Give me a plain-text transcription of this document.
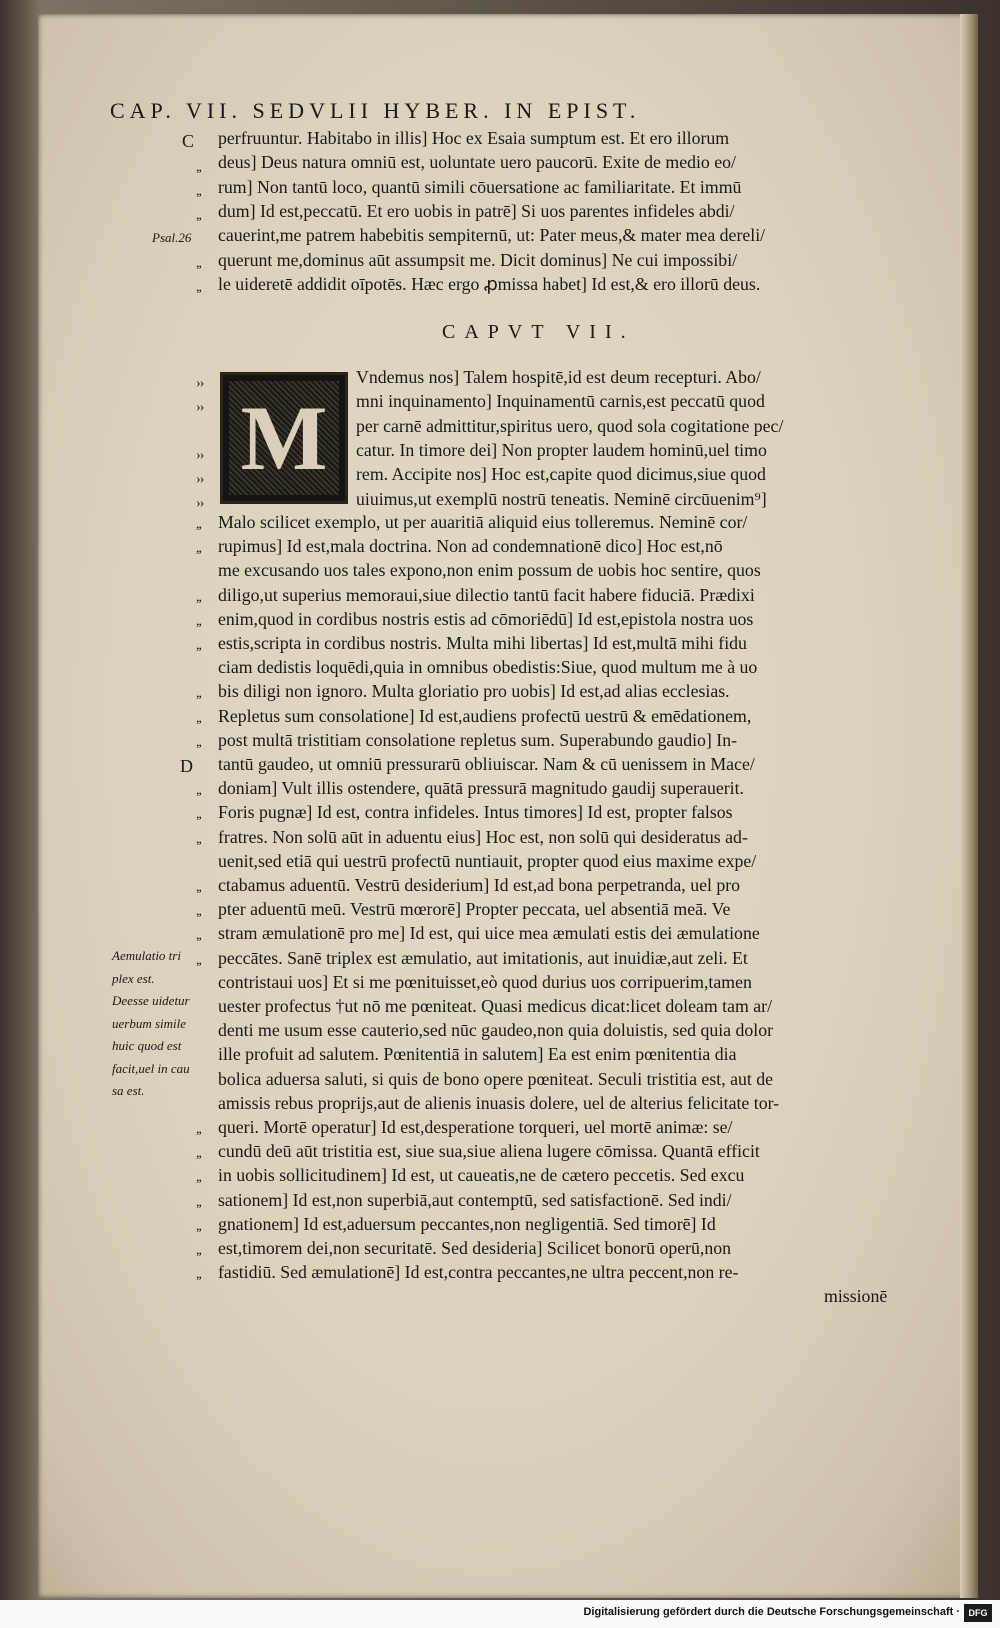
CAP. VII. SEDVLII HYBER. IN EPIST.
perfruuntur. Habitabo in illis] Hoc ex Esaia sumptum est. Et ero illorum
deus] Deus natura omniū est, uoluntate uero paucorū. Exite de medio eo/
rum] Non tantū loco, quantū simili cōuersatione ac familiaritate. Et immū
dum] Id est,peccatū. Et ero uobis in patrē] Si uos parentes infideles abdi/
cauerint,me patrem habebitis sempiternū, ut: Pater meus,& mater mea dereli/
querunt me,dominus aūt assumpsit me. Dicit dominus] Ne cui impossibi/
le uideretē addidit oīpotēs. Hæc ergo ꝓmissa habet] Id est,& ero illorū deus.
CAPVT VII.
M
Vndemus nos] Talem hospitē,id est deum recepturi. Abo/
mni inquinamento] Inquinamentū carnis,est peccatū quod
per carnē admittitur,spiritus uero, quod sola cogitatione pec/
catur. In timore dei] Non propter laudem hominū,uel timo
rem. Accipite nos] Hoc est,capite quod dicimus,siue quod
uiuimus,ut exemplū nostrū teneatis. Neminē circūuenim⁹]
Malo scilicet exemplo, ut per auaritiā aliquid eius tolleremus. Neminē cor/
rupimus] Id est,mala doctrina. Non ad condemnationē dico] Hoc est,nō
me excusando uos tales expono,non enim possum de uobis hoc sentire, quos
diligo,ut superius memoraui,siue dilectio tantū facit habere fiduciā. Prædixi
enim,quod in cordibus nostris estis ad cōmoriēdū] Id est,epistola nostra uos
estis,scripta in cordibus nostris. Multa mihi libertas] Id est,multā mihi fidu
ciam dedistis loquēdi,quia in omnibus obedistis:Siue, quod multum me à uo
bis diligi non ignoro. Multa gloriatio pro uobis] Id est,ad alias ecclesias.
Repletus sum consolatione] Id est,audiens profectū uestrū & emēdationem,
post multā tristitiam consolatione repletus sum. Superabundo gaudio] In-
tantū gaudeo, ut omniū pressurarū obliuiscar. Nam & cū uenissem in Mace/
doniam] Vult illis ostendere, quātā pressurā magnitudo gaudij superauerit.
Foris pugnæ] Id est, contra infideles. Intus timores] Id est, propter falsos
fratres. Non solū aūt in aduentu eius] Hoc est, non solū qui desideratus ad-
uenit,sed etiā qui uestrū profectū nuntiauit, propter quod eius maxime expe/
ctabamus aduentū. Vestrū desiderium] Id est,ad bona perpetranda, uel pro
pter aduentū meū. Vestrū mœrorē] Propter peccata, uel absentiā meā. Ve
stram æmulationē pro me] Id est, qui uice mea æmulati estis dei æmulatione
peccātes. Sanē triplex est æmulatio, aut imitationis, aut inuidiæ,aut zeli. Et
contristaui uos] Et si me pœnituisset,eò quod durius uos corripuerim,tamen
uester profectus †ut nō me pœniteat. Quasi medicus dicat:licet doleam tam ar/
denti me usum esse cauterio,sed nūc gaudeo,non quia doluistis, sed quia dolor
ille profuit ad salutem. Pœnitentiā in salutem] Ea est enim pœnitentia dia
bolica aduersa saluti, si quis de bono opere pœniteat. Seculi tristitia est, aut de
amissis rebus proprijs,aut de alienis inuasis dolere, uel de alterius felicitate tor-
queri. Mortē operatur] Id est,desperatione torqueri, uel mortē animæ: se/
cundū deū aūt tristitia est, siue sua,siue aliena lugere cōmissa. Quantā efficit
in uobis sollicitudinem] Id est, ut caueatis,ne de cætero peccetis. Sed excu
sationem] Id est,non superbiā,aut contemptū, sed satisfactionē. Sed indi/
gnationem] Id est,aduersum peccantes,non negligentiā. Sed timorē] Id
est,timorem dei,non securitatē. Sed desideria] Scilicet bonorū operū,non
fastidiū. Sed æmulationē] Id est,contra peccantes,ne ultra peccent,non re-
missionē
,,
,,
,,
,,
,,
››
››
››
››
››
,,
,,
,,
,,
,,
,,
,,
,,
,,
,,
,,
,,
,,
,,
,,
,,
,,
,,
,,
,,
,,
,,
C
D
Psal.26
Aemulatio tri
plex est.
Deesse uidetur
uerbum simile
huic quod est
facit,uel in cau
sa est.
Digitalisierung gefördert durch die Deutsche Forschungsgemeinschaft · DFG
